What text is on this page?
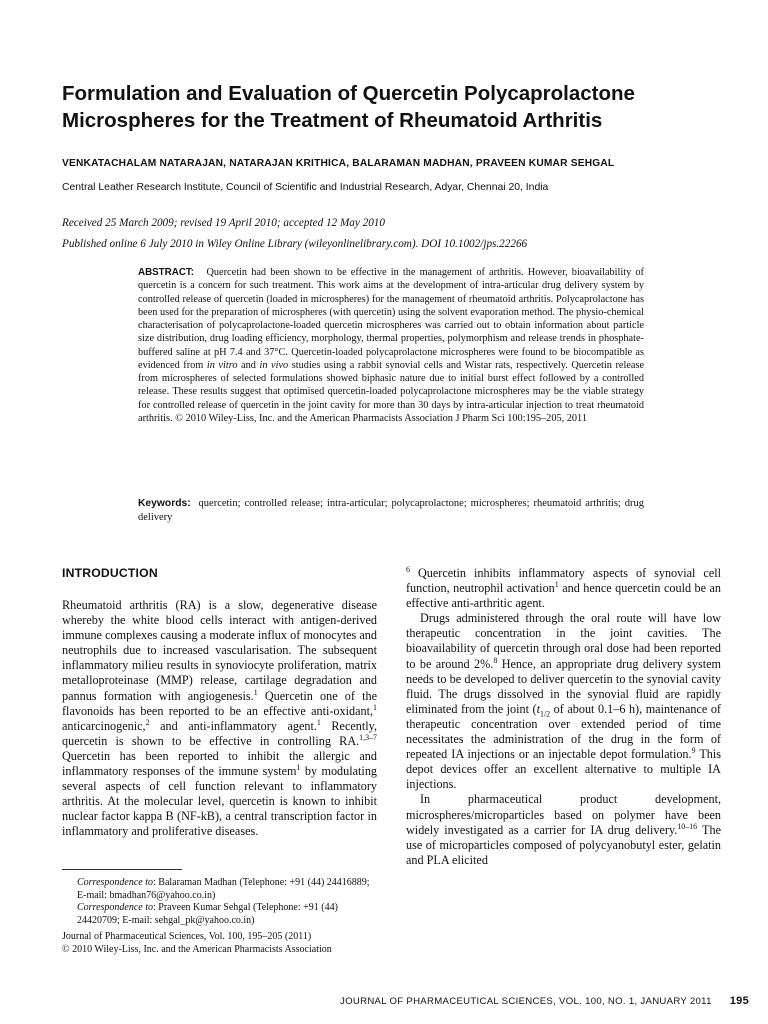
Formulation and Evaluation of Quercetin Polycaprolactone Microspheres for the Treatment of Rheumatoid Arthritis
VENKATACHALAM NATARAJAN, NATARAJAN KRITHICA, BALARAMAN MADHAN, PRAVEEN KUMAR SEHGAL
Central Leather Research Institute, Council of Scientific and Industrial Research, Adyar, Chennai 20, India
Received 25 March 2009; revised 19 April 2010; accepted 12 May 2010
Published online 6 July 2010 in Wiley Online Library (wileyonlinelibrary.com). DOI 10.1002/jps.22266
ABSTRACT: Quercetin had been shown to be effective in the management of arthritis. However, bioavailability of quercetin is a concern for such treatment. This work aims at the development of intra-articular drug delivery system by controlled release of quercetin (loaded in microspheres) for the management of rheumatoid arthritis. Polycaprolactone has been used for the preparation of microspheres (with quercetin) using the solvent evaporation method. The physio-chemical characterisation of polycaprolactone-loaded quercetin microspheres was carried out to obtain information about particle size distribution, drug loading efficiency, morphology, thermal properties, polymorphism and release trends in phosphate-buffered saline at pH 7.4 and 37°C. Quercetin-loaded polycaprolactone microspheres were found to be biocompatible as evidenced from in vitro and in vivo studies using a rabbit synovial cells and Wistar rats, respectively. Quercetin release from microspheres of selected formulations showed biphasic nature due to initial burst effect followed by a controlled release. These results suggest that optimised quercetin-loaded polycaprolactone microspheres may be the viable strategy for controlled release of quercetin in the joint cavity for more than 30 days by intra-articular injection to treat rheumatoid arthritis. © 2010 Wiley-Liss, Inc. and the American Pharmacists Association J Pharm Sci 100:195–205, 2011
Keywords: quercetin; controlled release; intra-articular; polycaprolactone; microspheres; rheumatoid arthritis; drug delivery
INTRODUCTION

Rheumatoid arthritis (RA) is a slow, degenerative disease whereby the white blood cells interact with antigen-derived immune complexes causing a moderate influx of monocytes and neutrophils due to increased vascularisation. The subsequent inflammatory milieu results in synoviocyte proliferation, matrix metalloproteinase (MMP) release, cartilage degradation and pannus formation with angiogenesis.$^1$ Quercetin one of the flavonoids has been reported to be an effective anti-oxidant,$^1$ anticarcinogenic,$^2$ and anti-inflammatory agent.$^1$ Recently, quercetin is shown to be effective in controlling RA.$^{1,3-7}$ Quercetin has been reported to inhibit the allergic and inflammatory responses of the immune system$^1$ by modulating several aspects of cell function relevant to inflammatory arthritis. At the molecular level, quercetin is known to inhibit nuclear factor kappa B (NF-kB), a central transcription factor in inflammatory and proliferative diseases.

$^6$ Quercetin inhibits inflammatory aspects of synovial cell function, neutrophil activation$^1$ and hence quercetin could be an effective anti-arthritic agent.

Drugs administered through the oral route will have low therapeutic concentration in the joint cavities. The bioavailability of quercetin through oral dose had been reported to be around 2%.$^8$ Hence, an appropriate drug delivery system needs to be developed to deliver quercetin to the synovial cavity fluid. The drugs dissolved in the synovial fluid are rapidly eliminated from the joint ($t_{1/2}$ of about 0.1–6 h), maintenance of therapeutic concentration over extended period of time necessitates the administration of the drug in the form of repeated IA injections or an injectable depot formulation.$^9$ This depot devices offer an excellent alternative to multiple IA injections.

In pharmaceutical product development, microspheres/microparticles based on polymer have been widely investigated as a carrier for IA drug delivery.$^{10-16}$ The use of microparticles composed of polycyanobutyl ester, gelatin and PLA elicited

Correspondence to: Balaraman Madhan (Telephone: +91 (44) 24416889; E-mail: bmadhan76@yahoo.co.in)

Correspondence to: Praveen Kumar Sehgal (Telephone: +91 (44) 24420709; E-mail: sehgal_pk@yahoo.co.in)

Journal of Pharmaceutical Sciences, Vol. 100, 195–205 (2011)

© 2010 Wiley-Liss, Inc. and the American Pharmacists Association

JOURNAL OF PHARMACEUTICAL SCIENCES, VOL. 100, NO. 1, JANUARY 2011 195
